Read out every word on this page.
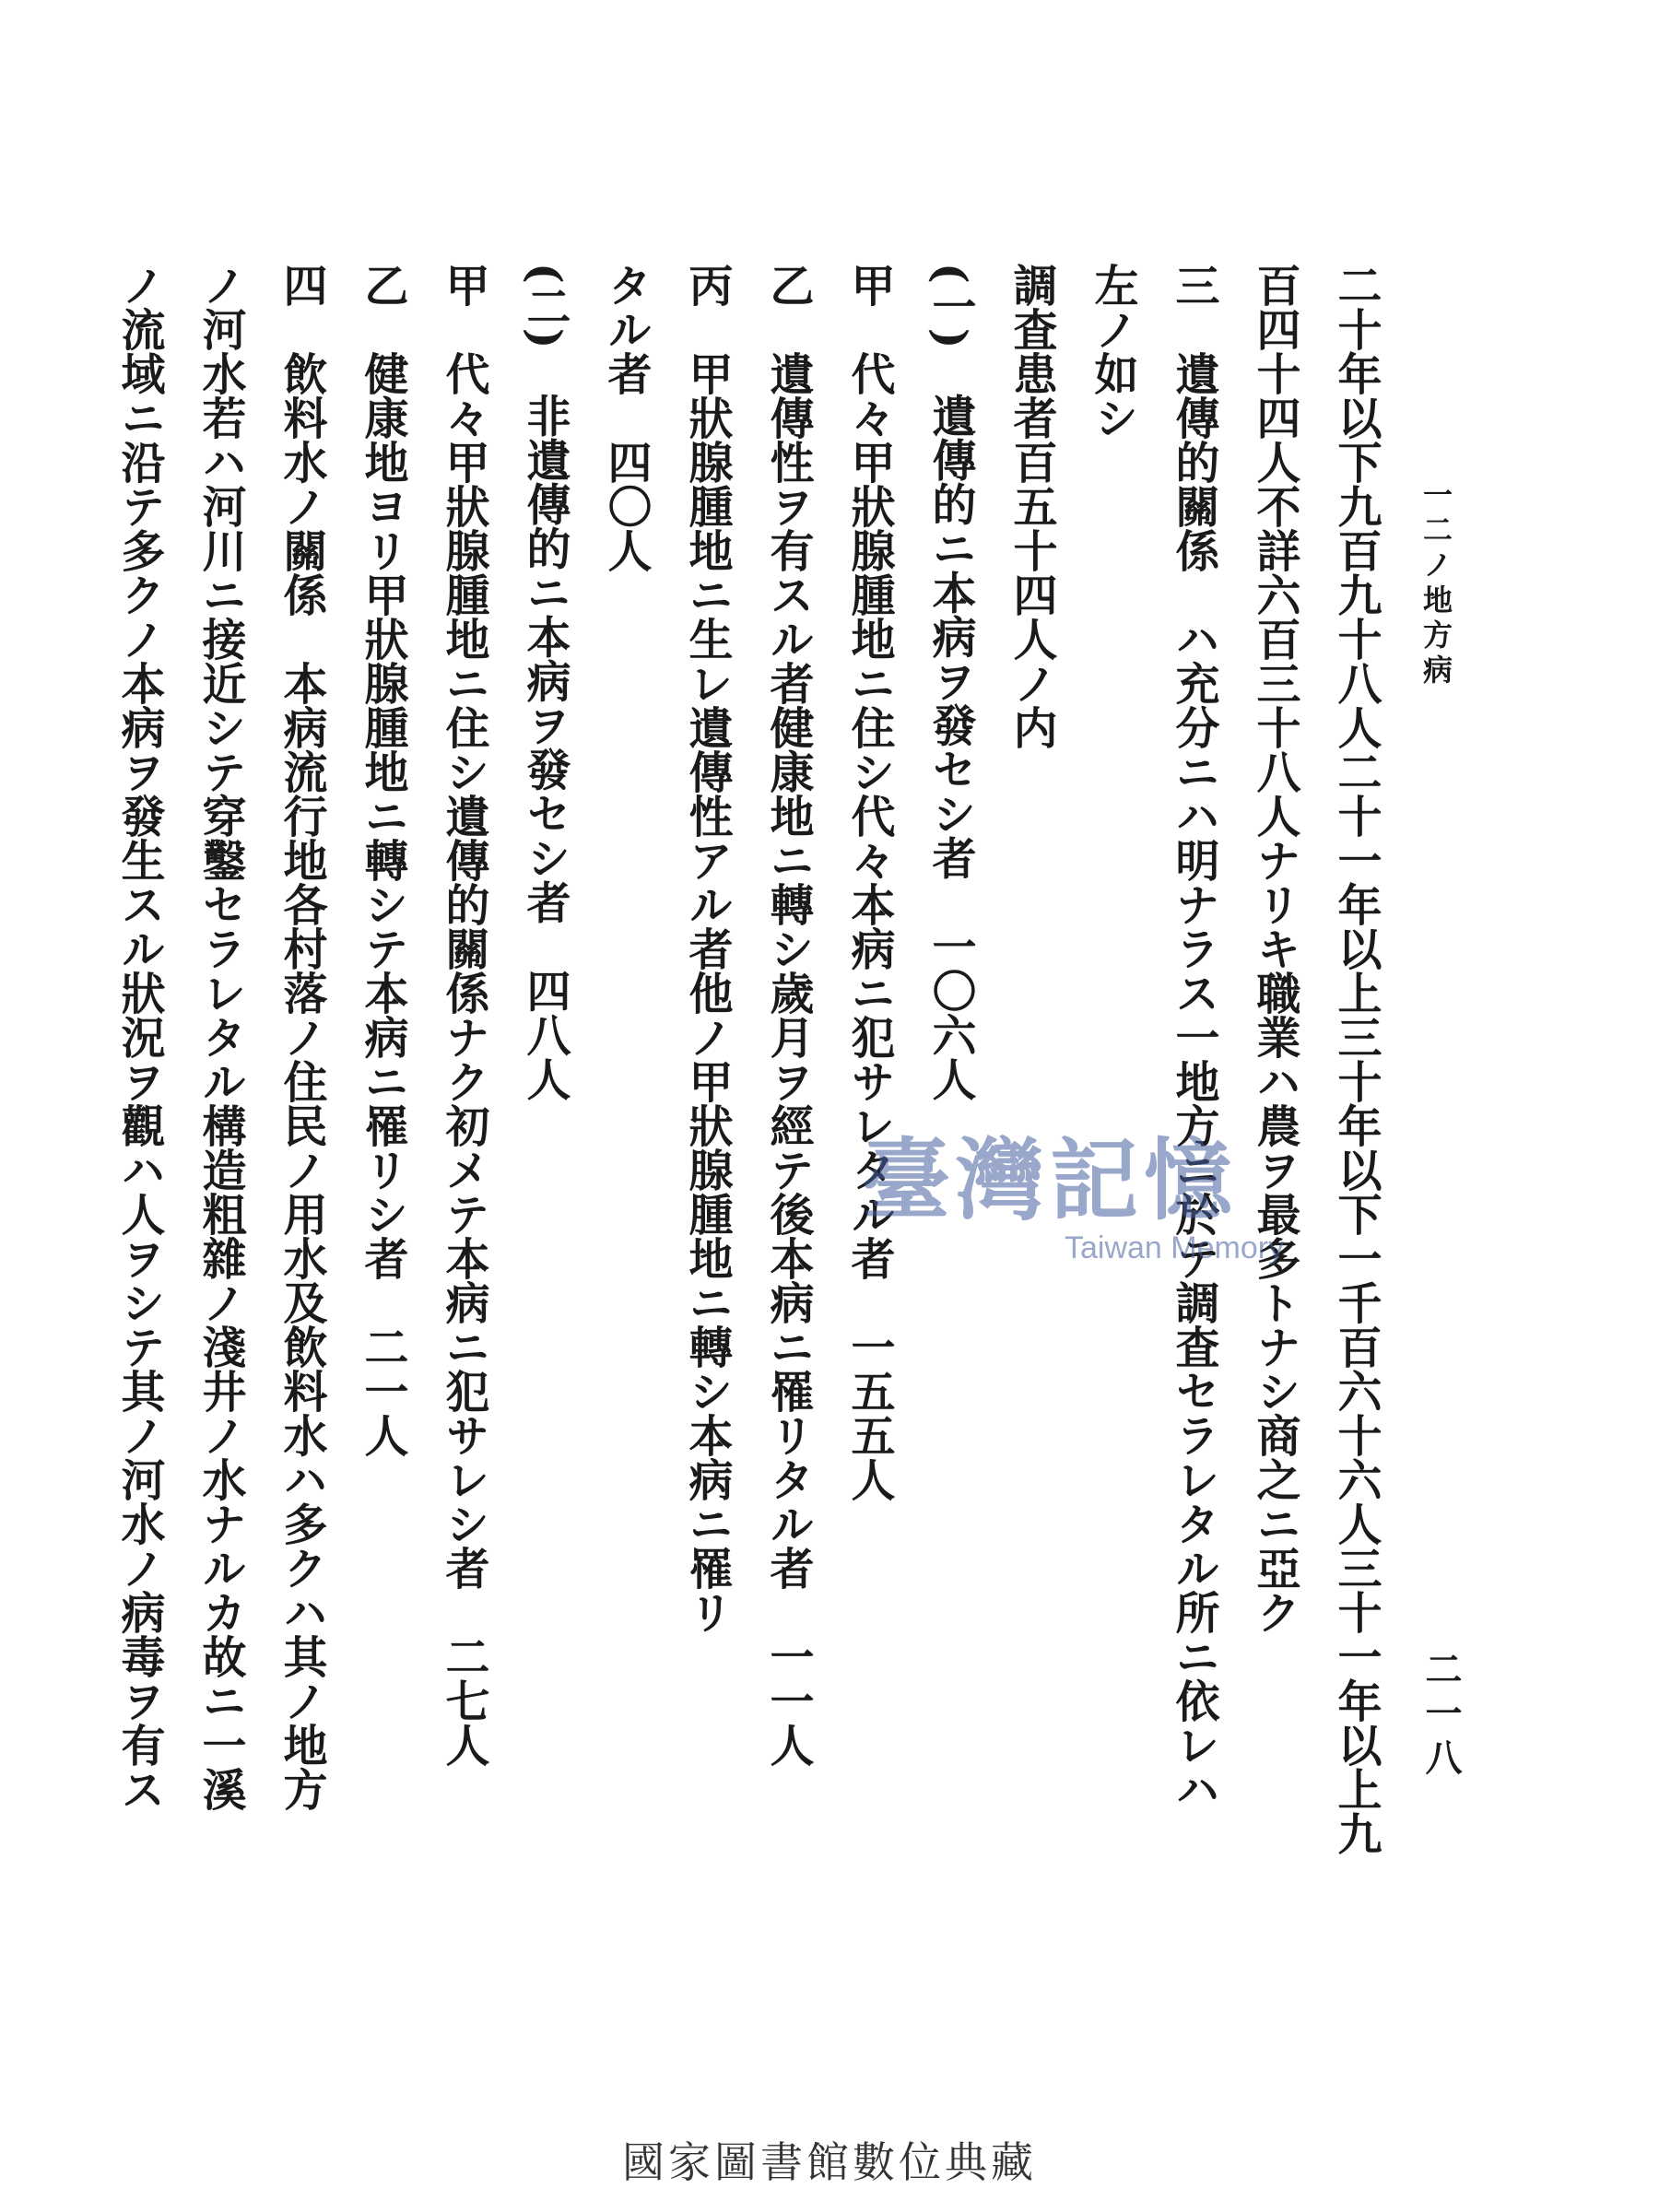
一二ノ地方病
二一八
二十年以下九百九十八人二十一年以上三十年以下一千百六十六人三十一年以上九
百四十四人不詳六百三十八人ナリキ職業ハ農ヲ最多トナシ商之ニ亞ク
三　遺傳的關係　ハ充分ニハ明ナラス一地方ニ於テ調査セラレタル所ニ依レハ
左ノ如シ
調査患者百五十四人ノ内
(一)　遺傳的ニ本病ヲ發セシ者　一〇六人
甲　代々甲狀腺腫地ニ住シ代々本病ニ犯サレタル者　一五五人
乙　遺傳性ヲ有スル者健康地ニ轉シ歲月ヲ經テ後本病ニ罹リタル者　一一人
丙　甲狀腺腫地ニ生レ遺傳性アル者他ノ甲狀腺腫地ニ轉シ本病ニ罹リ
タル者　四〇人
(二)　非遺傳的ニ本病ヲ發セシ者　四八人
甲　代々甲狀腺腫地ニ住シ遺傳的關係ナク初メテ本病ニ犯サレシ者　二七人
乙　健康地ヨリ甲狀腺腫地ニ轉シテ本病ニ罹リシ者　二一人
四　飲料水ノ關係　本病流行地各村落ノ住民ノ用水及飲料水ハ多クハ其ノ地方
ノ河水若ハ河川ニ接近シテ穿鑿セラレタル構造粗雜ノ淺井ノ水ナルカ故ニ一溪
ノ流域ニ沿テ多クノ本病ヲ發生スル狀況ヲ觀ハ人ヲシテ其ノ河水ノ病毒ヲ有ス	臺灣記憶
Taiwan Memory
國家圖書館數位典藏
